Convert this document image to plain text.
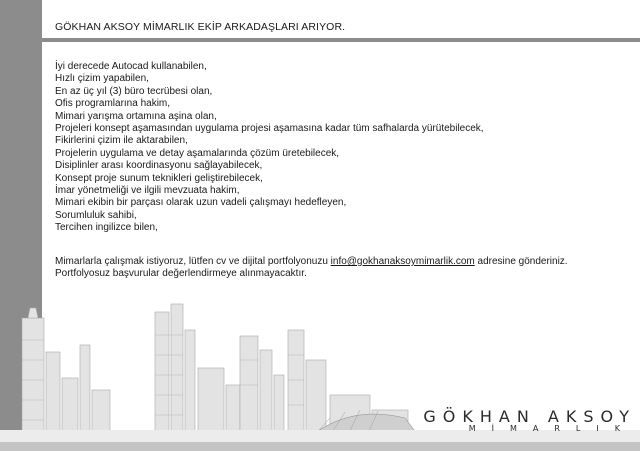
GÖKHAN AKSOY MİMARLIK EKİP ARKADAŞLARI ARIYOR.
İyi derecede Autocad kullanabilen,
Hızlı çizim yapabilen,
En az üç yıl (3) büro tecrübesi olan,
Ofis programlarına hakim,
Mimari yarışma ortamına aşina olan,
Projeleri konsept aşamasından uygulama projesi aşamasına kadar tüm safhalarda yürütebilecek,
Fikirlerini çizim ile aktarabilen,
Projelerin uygulama ve detay aşamalarında çözüm üretebilecek,
Disiplinler arası koordinasyonu sağlayabilecek,
Konsept proje sunum teknikleri geliştirebilecek,
İmar yönetmeliği ve ilgili mevzuata hakim,
Mimari ekibin bir parçası olarak uzun vadeli çalışmayı hedefleyen,
Sorumluluk sahibi,
Tercihen ingilizce bilen,
Mimarlarla çalışmak istiyoruz, lütfen cv ve dijital portfolyonuzu info@gokhanaksoymimarlik.com adresine gönderiniz.
Portfolyosuz başvurular değerlendirmeye alınmayacaktır.
GÖKHAN AKSOY
MİMARLIK
